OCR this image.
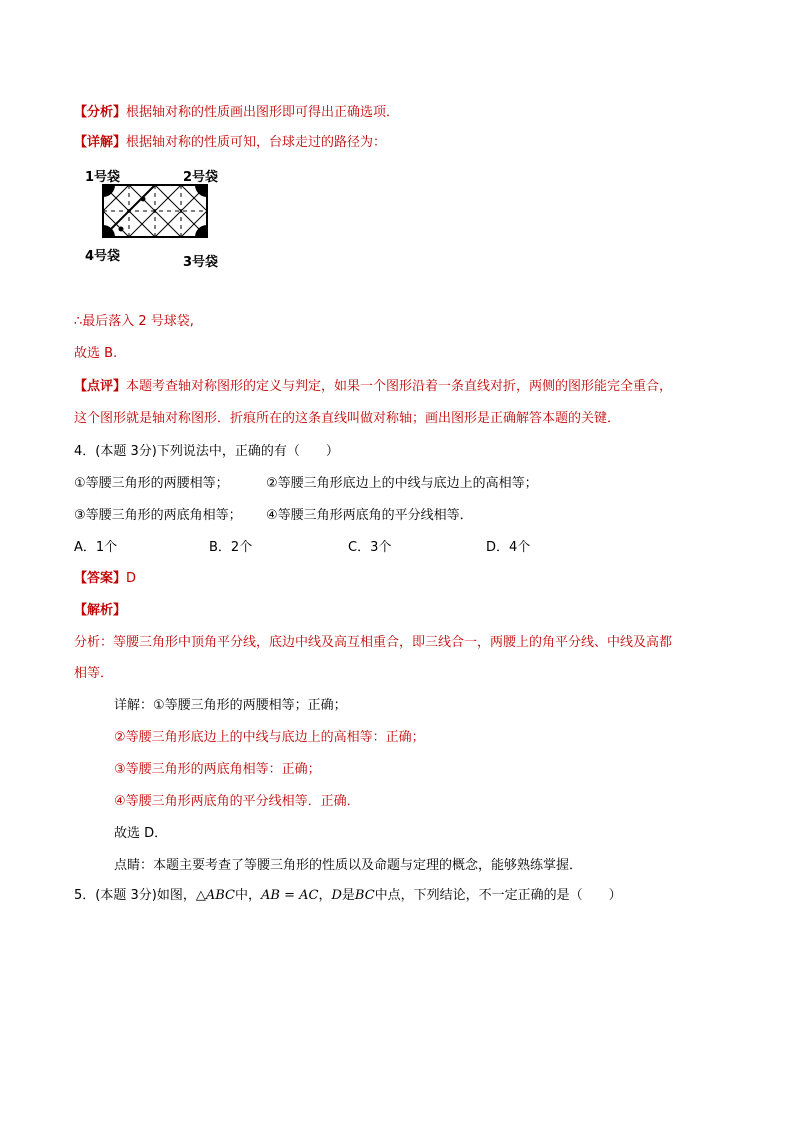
【分析】根据轴对称的性质画出图形即可得出正确选项．
【详解】根据轴对称的性质可知，台球走过的路径为：
1号袋	2号袋
3号袋
4号袋
∴最后落入 2 号球袋,
故选 B.
【点评】本题考查轴对称图形的定义与判定，如果一个图形沿着一条直线对折，两侧的图形能完全重合，
这个图形就是轴对称图形．折痕所在的这条直线叫做对称轴；画出图形是正确解答本题的关键．
4．(本题 3分)下列说法中，正确的有（　　）
①等腰三角形的两腰相等；	②等腰三角形底边上的中线与底边上的高相等；
③等腰三角形的两底角相等； ④等腰三角形两底角的平分线相等．
A．1个	B．2个	C．3个	D．4个
【答案】D
【解析】
分析：等腰三角形中顶角平分线，底边中线及高互相重合，即三线合一，两腰上的角平分线、中线及高都
相等．
详解：①等腰三角形的两腰相等；正确；
②等腰三角形底边上的中线与底边上的高相等：正确；
③等腰三角形的两底角相等：正确；
④等腰三角形两底角的平分线相等．正确．
故选 D．
点睛：本题主要考查了等腰三角形的性质以及命题与定理的概念，能够熟练掌握．
5．(本题 3分)如图，△ABC中，AB = AC，D是BC中点，下列结论，不一定正确的是（　　）
